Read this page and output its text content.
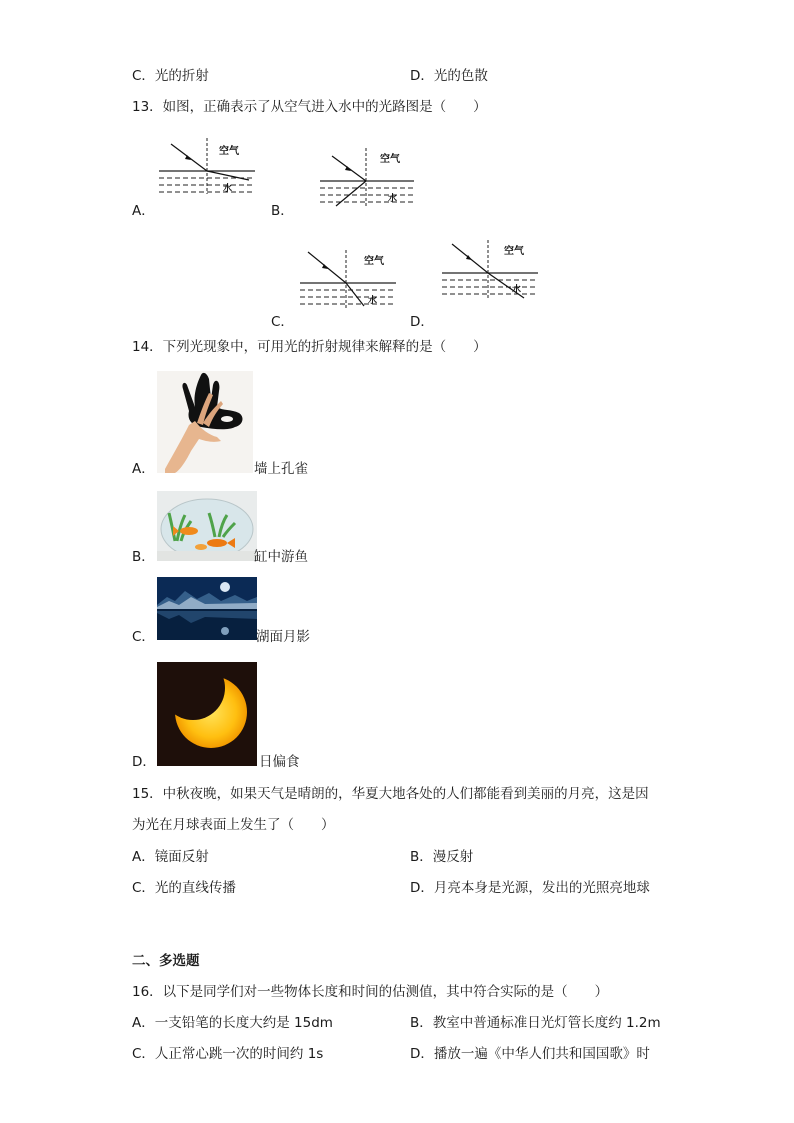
C．光的折射	D．光的色散
13．如图，正确表示了从空气进入水中的光路图是（　　）
空气
水
A．
空气
水
B．
空气
水
C．
空气
水
D．
14．下列光现象中，可用光的折射规律来解释的是（　　）
A．	墙上孔雀
B．	缸中游鱼
C．	湖面月影
D．	日偏食
15．中秋夜晚，如果天气是晴朗的，华夏大地各处的人们都能看到美丽的月亮，这是因
为光在月球表面上发生了（　　）
A．镜面反射	B．漫反射
C．光的直线传播	D．月亮本身是光源，发出的光照亮地球
二、多选题
16．以下是同学们对一些物体长度和时间的估测值，其中符合实际的是（　　）
A．一支铅笔的长度大约是 15dm	B．教室中普通标准日光灯管长度约 1.2m
C．人正常心跳一次的时间约 1s	D．播放一遍《中华人们共和国国歌》时
